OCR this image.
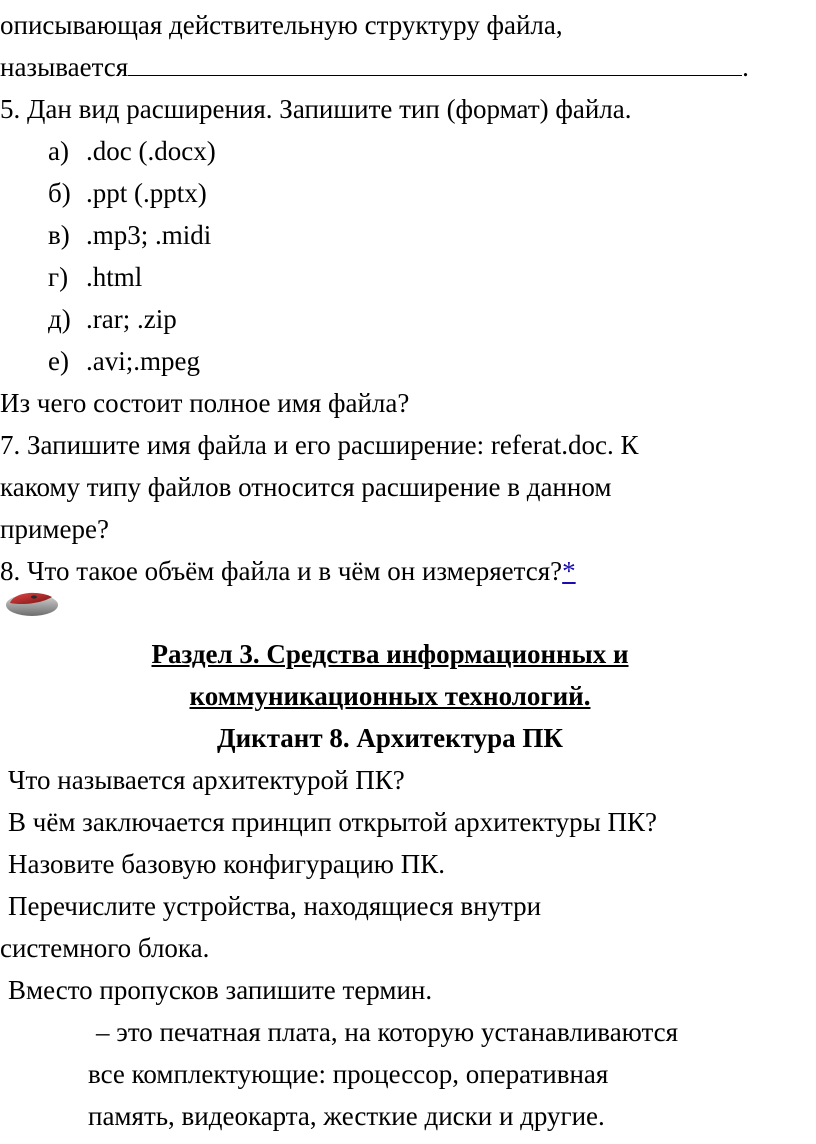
описывающая действительную структуру файла,
называется	.
5. Дан вид расширения. Запишите тип (формат) файла.
а) .doc (.docx)
б) .ppt (.pptx)
в) .mp3; .midi
г) .html
д) .rar; .zip
е) .avi;.mpeg
Из чего состоит полное имя файла?
7. Запишите имя файла и его расширение: referat.doc. К
какому типу файлов относится расширение в данном
примере?
8. Что такое объём файла и в чём он измеряется?*
Раздел 3. Средства информационных и
коммуникационных технологий.
Диктант 8. Архитектура ПК
Что называется архитектурой ПК?
В чём заключается принцип открытой архитектуры ПК?
Назовите базовую конфигурацию ПК.
Перечислите устройства, находящиеся внутри
системного блока.
Вместо пропусков запишите термин.
– это печатная плата, на которую устанавливаются
все комплектующие: процессор, оперативная
память, видеокарта, жесткие диски и другие.
